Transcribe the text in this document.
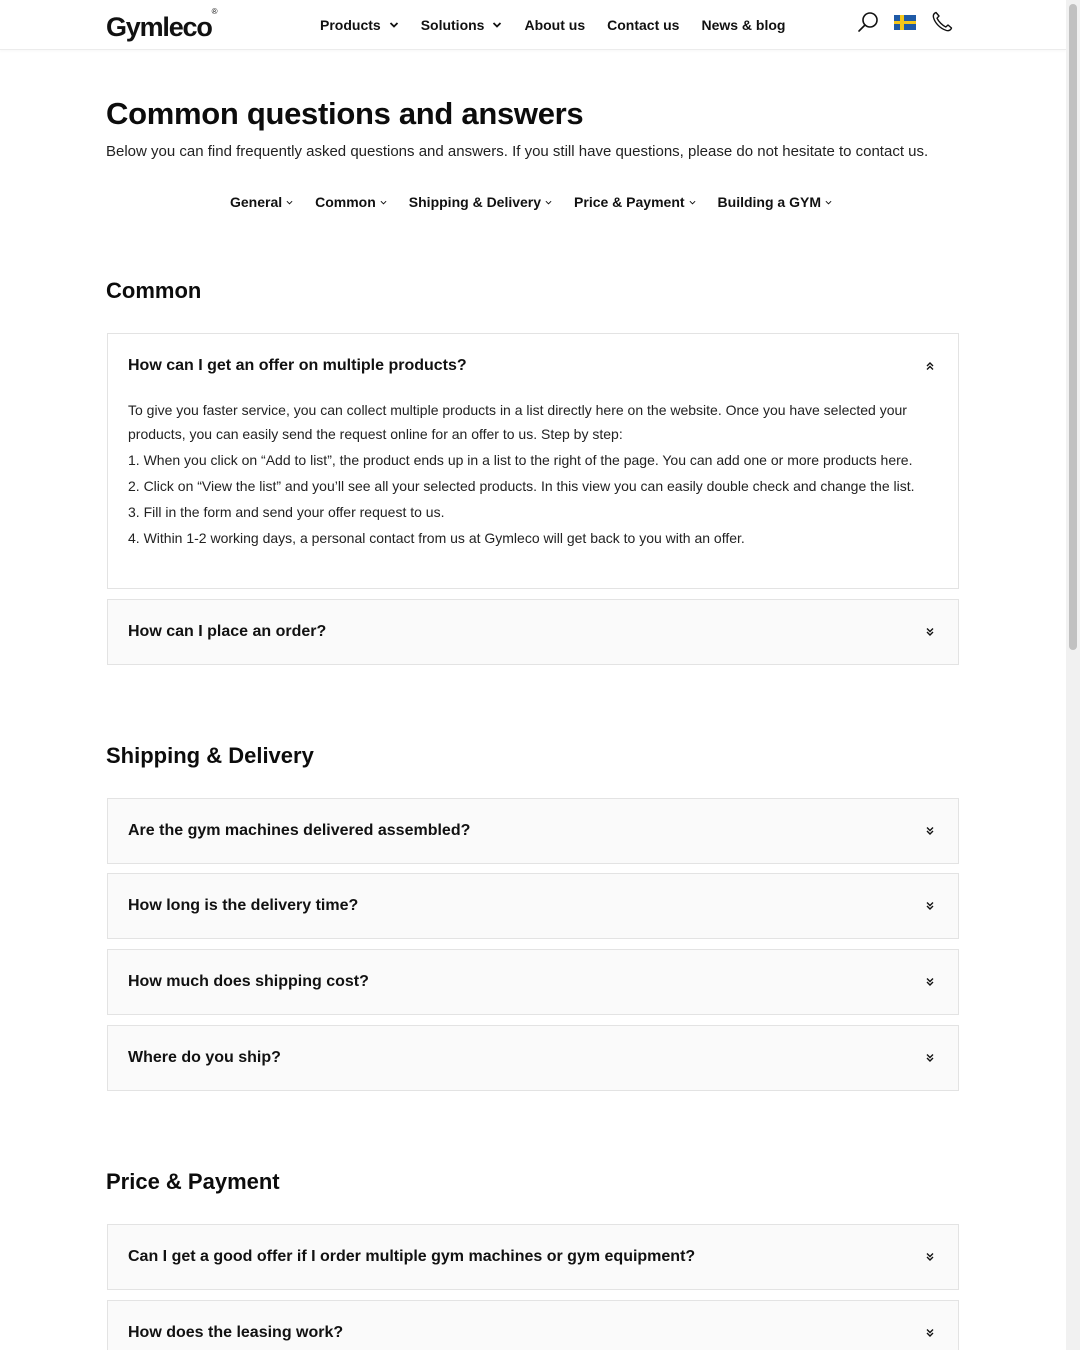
Gymleco®
Products	Solutions	About us Contact us News & blog
Common questions and answers

Below you can find frequently asked questions and answers. If you still have questions, please do not hesitate to contact us.

General Common Shipping & Delivery Price & Payment Building a GYM
Common
How can I get an offer on multiple products?

To give you faster service, you can collect multiple products in a list directly here on the website. Once you have selected your products, you can easily send the request online for an offer to us. Step by step:

1. When you click on “Add to list”, the product ends up in a list to the right of the page. You can add one or more products here.

2. Click on “View the list” and you’ll see all your selected products. In this view you can easily double check and change the list.

3. Fill in the form and send your offer request to us.

4. Within 1-2 working days, a personal contact from us at Gymleco will get back to you with an offer.

How can I place an order?
Shipping & Delivery
Are the gym machines delivered assembled?
How long is the delivery time?
How much does shipping cost?
Where do you ship?
Price & Payment
Can I get a good offer if I order multiple gym machines or gym equipment?
How does the leasing work?
